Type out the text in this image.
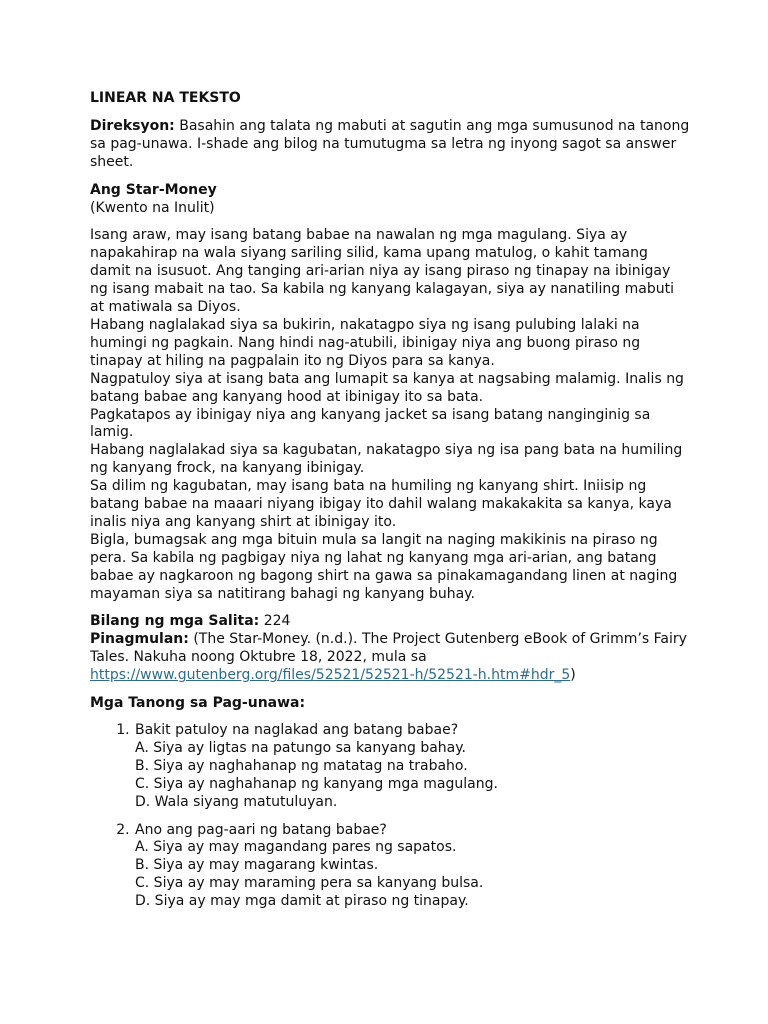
LINEAR NA TEKSTO

Direksyon: Basahin ang talata ng mabuti at sagutin ang mga sumusunod na tanong sa pag-unawa. I-shade ang bilog na tumutugma sa letra ng inyong sagot sa answer sheet.

Ang Star-Money

(Kwento na Inulit)

Isang araw, may isang batang babae na nawalan ng mga magulang. Siya ay napakahirap na wala siyang sariling silid, kama upang matulog, o kahit tamang damit na isusuot. Ang tanging ari-arian niya ay isang piraso ng tinapay na ibinigay ng isang mabait na tao. Sa kabila ng kanyang kalagayan, siya ay nanatiling mabuti at matiwala sa Diyos.

Habang naglalakad siya sa bukirin, nakatagpo siya ng isang pulubing lalaki na humingi ng pagkain. Nang hindi nag-atubili, ibinigay niya ang buong piraso ng tinapay at hiling na pagpalain ito ng Diyos para sa kanya.

Nagpatuloy siya at isang bata ang lumapit sa kanya at nagsabing malamig. Inalis ng batang babae ang kanyang hood at ibinigay ito sa bata.

Pagkatapos ay ibinigay niya ang kanyang jacket sa isang batang nanginginig sa lamig.

Habang naglalakad siya sa kagubatan, nakatagpo siya ng isa pang bata na humiling ng kanyang frock, na kanyang ibinigay.

Sa dilim ng kagubatan, may isang bata na humiling ng kanyang shirt. Iniisip ng batang babae na maaari niyang ibigay ito dahil walang makakakita sa kanya, kaya inalis niya ang kanyang shirt at ibinigay ito.

Bigla, bumagsak ang mga bituin mula sa langit na naging makikinis na piraso ng pera. Sa kabila ng pagbigay niya ng lahat ng kanyang mga ari-arian, ang batang babae ay nagkaroon ng bagong shirt na gawa sa pinakamagandang linen at naging mayaman siya sa natitirang bahagi ng kanyang buhay.

Bilang ng mga Salita: 224

Pinagmulan: (The Star-Money. (n.d.). The Project Gutenberg eBook of Grimm’s Fairy Tales. Nakuha noong Oktubre 18, 2022, mula sa https://www.gutenberg.org/files/52521/52521-h/52521-h.htm#hdr_5)

Mga Tanong sa Pag-unawa:

1. Bakit patuloy na naglakad ang batang babae?
A. Siya ay ligtas na patungo sa kanyang bahay.
B. Siya ay naghahanap ng matatag na trabaho.
C. Siya ay naghahanap ng kanyang mga magulang.
D. Wala siyang matutuluyan.
2. Ano ang pag-aari ng batang babae?
A. Siya ay may magandang pares ng sapatos.
B. Siya ay may magarang kwintas.
C. Siya ay may maraming pera sa kanyang bulsa.
D. Siya ay may mga damit at piraso ng tinapay.
